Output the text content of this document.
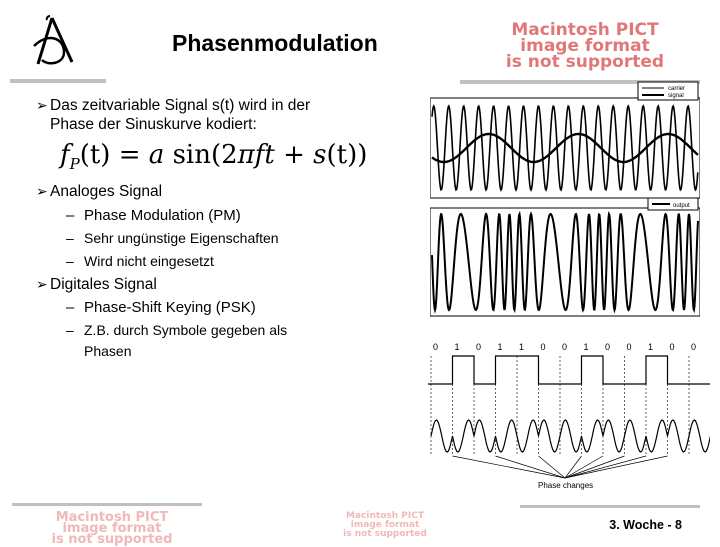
Phasenmodulation	Macintosh PICT
image format
is not supported
➢ Das zeitvariable Signal s(t) wird in der
Phase der Sinuskurve kodiert:
$f_P(t) = a$ sin(2πft + s(t))
➢ Analoges Signal
– Phase Modulation (PM)
– Sehr ungünstige Eigenschaften
– Wird nicht eingesetzt
➢ Digitales Signal
– Phase-Shift Keying (PSK)
– Z.B. durch Symbole gegeben als
Phasen
carrier
signal
output
0 1 0 1 1 0 0 1 0 0 1 0 0
Phase changes
Macintosh PICT
image format
is not supported
Macintosh PICT
image format
is not supported
3. Woche - 8
